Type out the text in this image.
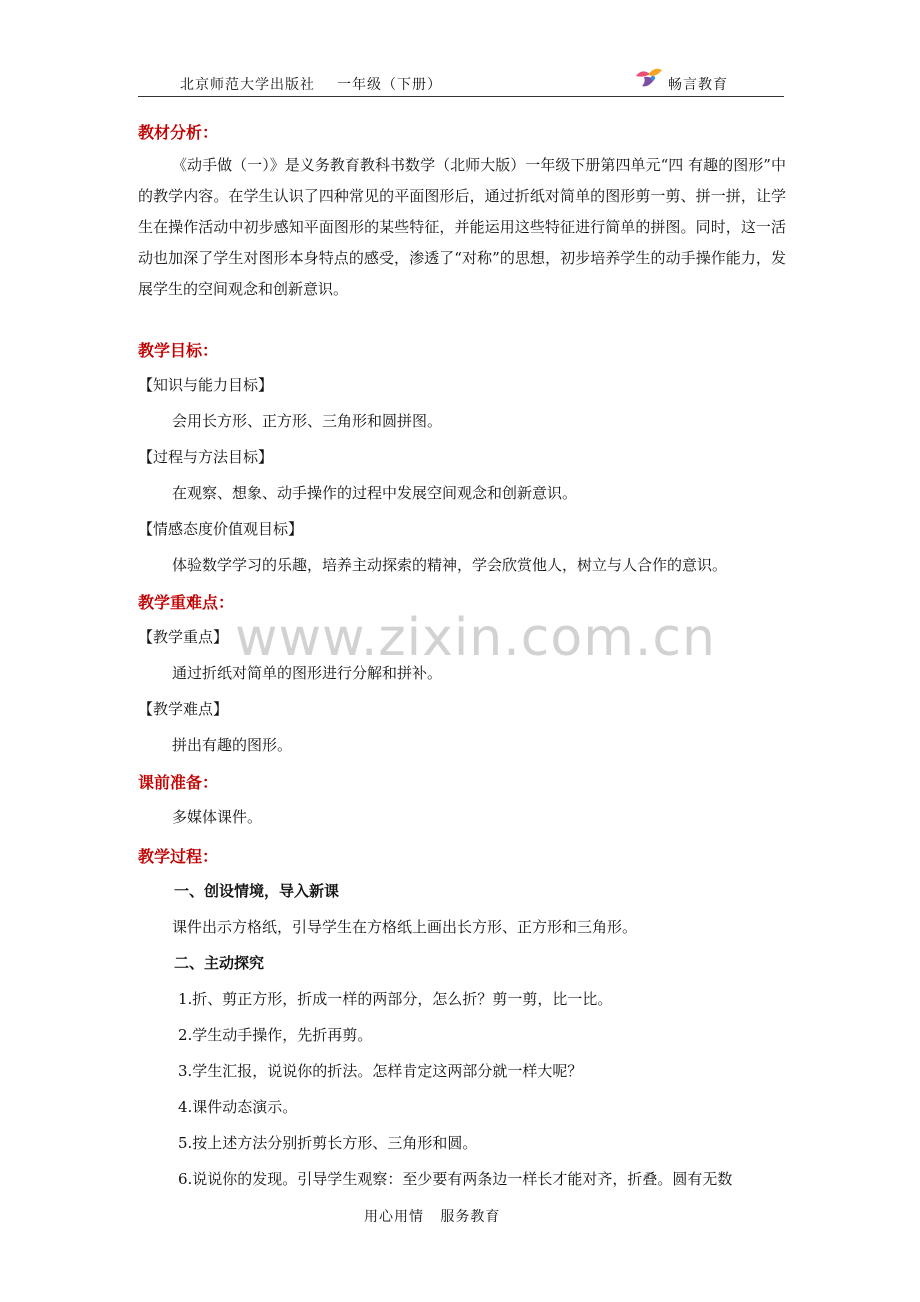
北京师范大学出版社 一年级（下册）	畅言教育
www.zixin.com.cn
教材分析：
《动手做（一）》是义务教育教科书数学（北师大版）一年级下册第四单元“四 有趣的图形”中的教学内容。在学生认识了四种常见的平面图形后，通过折纸对简单的图形剪一剪、拼一拼，让学生在操作活动中初步感知平面图形的某些特征，并能运用这些特征进行简单的拼图。同时，这一活动也加深了学生对图形本身特点的感受，渗透了“对称”的思想，初步培养学生的动手操作能力，发展学生的空间观念和创新意识。
教学目标：
【知识与能力目标】
会用长方形、正方形、三角形和圆拼图。
【过程与方法目标】
在观察、想象、动手操作的过程中发展空间观念和创新意识。
【情感态度价值观目标】
体验数学学习的乐趣，培养主动探索的精神，学会欣赏他人，树立与人合作的意识。
教学重难点：
【教学重点】
通过折纸对简单的图形进行分解和拼补。
【教学难点】
拼出有趣的图形。
课前准备：
多媒体课件。
教学过程：
一、创设情境，导入新课
课件出示方格纸，引导学生在方格纸上画出长方形、正方形和三角形。
二、主动探究
1.折、剪正方形，折成一样的两部分，怎么折？剪一剪，比一比。
2.学生动手操作，先折再剪。
3.学生汇报，说说你的折法。怎样肯定这两部分就一样大呢？
4.课件动态演示。
5.按上述方法分别折剪长方形、三角形和圆。
6.说说你的发现。引导学生观察：至少要有两条边一样长才能对齐，折叠。圆有无数
用心用情 服务教育
